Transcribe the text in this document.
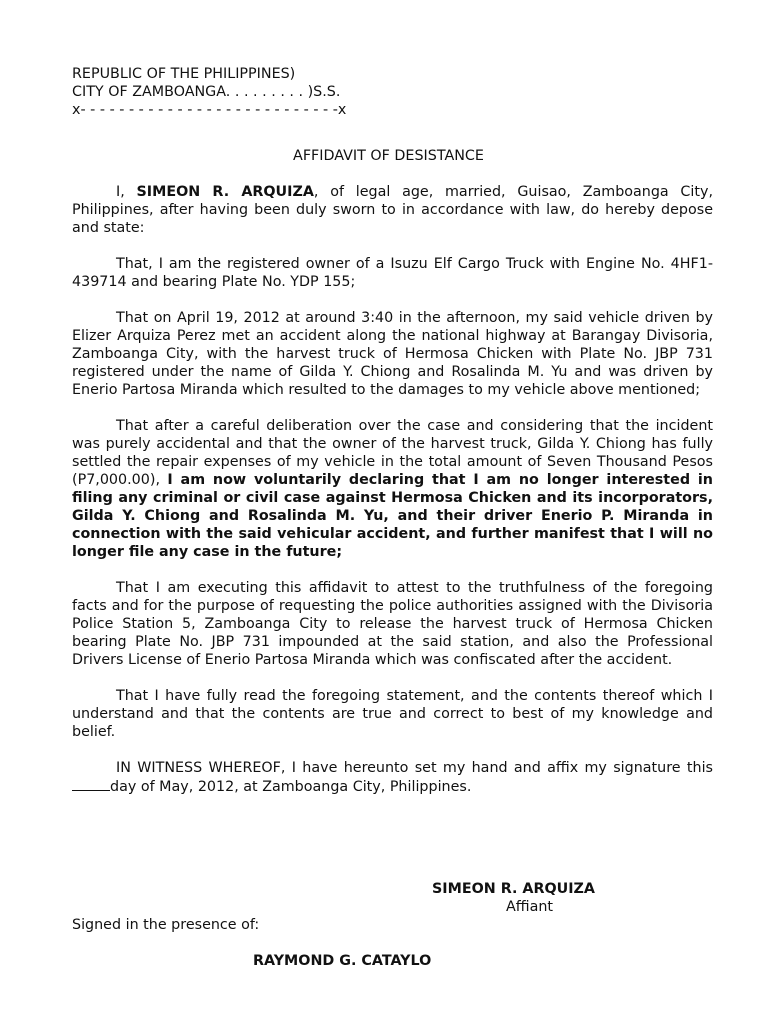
REPUBLIC OF THE PHILIPPINES)
CITY OF ZAMBOANGA. . . . . . . . . )S.S.
x- - - - - - - - - - - - - - - - - - - - - - - - - - -x
AFFIDAVIT OF DESISTANCE

I, SIMEON R. ARQUIZA, of legal age, married, Guisao, Zamboanga City, Philippines, after having been duly sworn to in accordance with law, do hereby depose and state:

That, I am the registered owner of a Isuzu Elf Cargo Truck with Engine No. 4HF1-439714 and bearing Plate No. YDP 155;

That on April 19, 2012 at around 3:40 in the afternoon, my said vehicle driven by Elizer Arquiza Perez met an accident along the national highway at Barangay Divisoria, Zamboanga City, with the harvest truck of Hermosa Chicken with Plate No. JBP 731 registered under the name of Gilda Y. Chiong and Rosalinda M. Yu and was driven by Enerio Partosa Miranda which resulted to the damages to my vehicle above mentioned;

That after a careful deliberation over the case and considering that the incident was purely accidental and that the owner of the harvest truck, Gilda Y. Chiong has fully settled the repair expenses of my vehicle in the total amount of Seven Thousand Pesos (P7,000.00), I am now voluntarily declaring that I am no longer interested in filing any criminal or civil case against Hermosa Chicken and its incorporators, Gilda Y. Chiong and Rosalinda M. Yu, and their driver Enerio P. Miranda in connection with the said vehicular accident, and further manifest that I will no longer file any case in the future;

That I am executing this affidavit to attest to the truthfulness of the foregoing facts and for the purpose of requesting the police authorities assigned with the Divisoria Police Station 5, Zamboanga City to release the harvest truck of Hermosa Chicken bearing Plate No. JBP 731 impounded at the said station, and also the Professional Drivers License of Enerio Partosa Miranda which was confiscated after the accident.

That I have fully read the foregoing statement, and the contents thereof which I understand and that the contents are true and correct to best of my knowledge and belief.

IN WITNESS WHEREOF, I have hereunto set my hand and affix my signature this day of May, 2012, at Zamboanga City, Philippines.

SIMEON R. ARQUIZA
Affiant
Signed in the presence of:
RAYMOND G. CATAYLO
